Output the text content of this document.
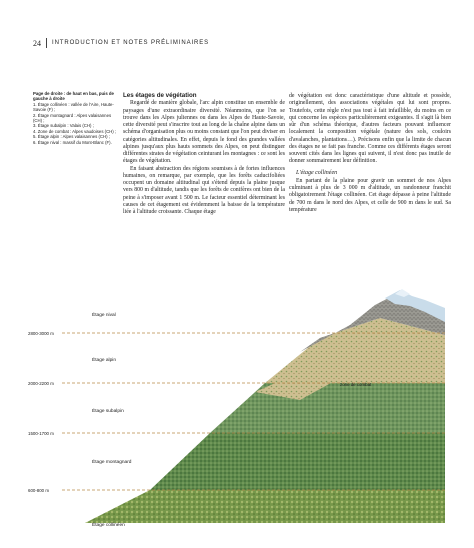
24 INTRODUCTION ET NOTES PRÉLIMINAIRES
Page de droite : de haut en bas, puis de gauche à droite
1. Étage collinéen : vallée de l'Aire, Haute-Savoie (F) ;
2. Étage montagnard : Alpes valaisannes (CH) ;
3. Étage subalpin : Valais (CH) ;
4. Zone de combat : Alpes vaudoises (CH) ;
5. Étage alpin : Alpes valaisannes (CH) ;
6. Étage nival : massif du Mont-Blanc (F).
Les étages de végétation

Regardé de manière globale, l'arc alpin constitue un ensemble de paysages d'une extraordinaire diversité. Néanmoins, que l'on se trouve dans les Alpes juliennes ou dans les Alpes de Haute-Savoie, cette diversité peut s'inscrire tout au long de la chaîne alpine dans un schéma d'organisation plus ou moins constant que l'on peut diviser en catégories altitudinales. En effet, depuis le fond des grandes vallées alpines jusqu'aux plus hauts sommets des Alpes, on peut distinguer différentes strates de végétation ceinturant les montagnes : ce sont les étages de végétation.

En faisant abstraction des régions soumises à de fortes influences humaines, on remarque, par exemple, que les forêts caducifoliées occupent un domaine altitudinal qui s'étend depuis la plaine jusque vers 800 m d'altitude, tandis que les forêts de conifères ont bien de la peine à s'imposer avant 1 500 m. Le facteur essentiel déterminant les causes de cet étagement est évidemment la baisse de la température liée à l'altitude croissante. Chaque étage

de végétation est donc caractéristique d'une altitude et possède, originellement, des associations végétales qui lui sont propres. Toutefois, cette règle n'est pas tout à fait infaillible, du moins en ce qui concerne les espèces particulièrement exigeantes. Il s'agit là bien sûr d'un schéma théorique, d'autres facteurs pouvant influencer localement la composition végétale (nature des sols, couloirs d'avalanches, plantations…). Précisons enfin que la limite de chacun des étages ne se fait pas franche. Comme ces différents étages seront souvent cités dans les lignes qui suivent, il n'est donc pas inutile de donner sommairement leur définition.

L'étage collinéen

En partant de la plaine pour gravir un sommet de nos Alpes culminant à plus de 3 000 m d'altitude, un randonneur franchit obligatoirement l'étage collinéen. Cet étage dépasse à peine l'altitude de 700 m dans le nord des Alpes, et celle de 900 m dans le sud. Sa température

2800-3000 m
2000-2200 m
1500-1700 m
600-800 m
Étage nival
Étage alpin
Étage subalpin
Étage montagnard
Étage collinéen
zone de combat
